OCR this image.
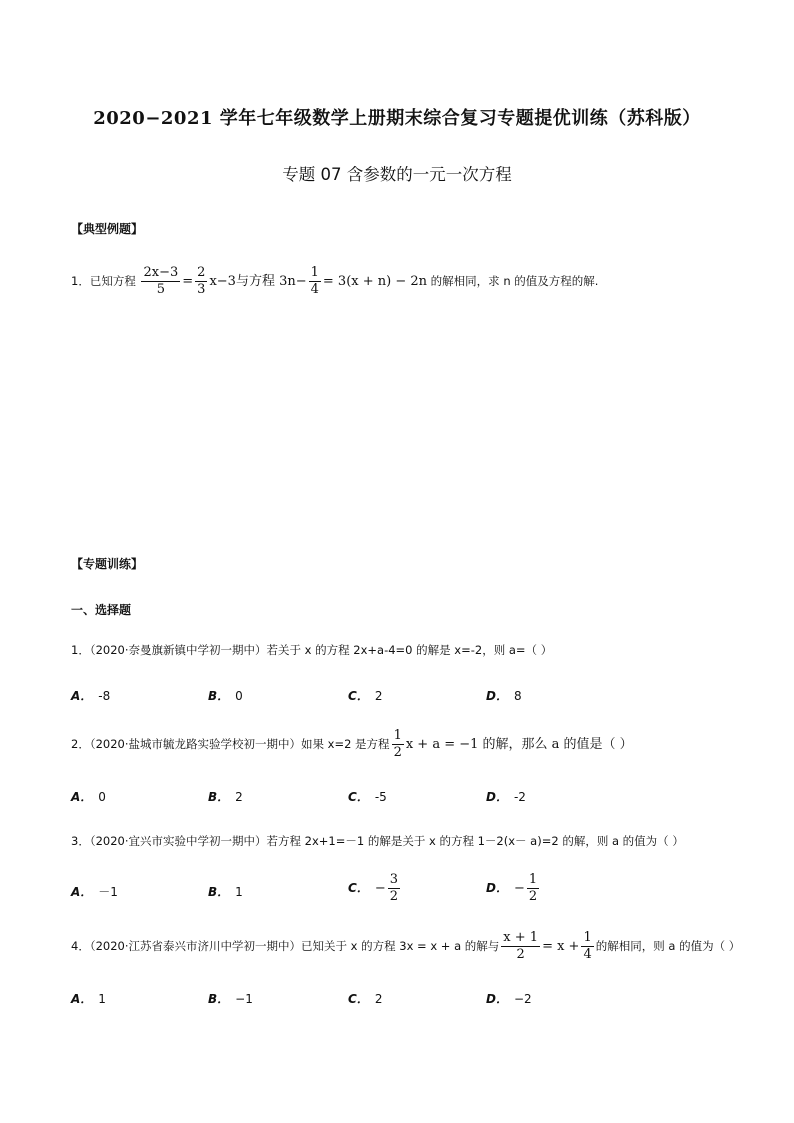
2020−2021 学年七年级数学上册期末综合复习专题提优训练（苏科版）
专题 07 含参数的一元一次方程
【典型例题】
1．已知方程 $\frac{2x-3}{5} = \frac{2}{3} x-3$与方程 $3n- \frac{1}{4} = 3(x + n) - 2n$ 的解相同，求 n 的值及方程的解.
【专题训练】
一、选择题
1．（2020·奈曼旗新镇中学初一期中）若关于 x 的方程 2x+a-4=0 的解是 x=-2，则 a=（ ）
A． -8	B． 0	C． 2	D． 8
2．（2020·盐城市毓龙路实验学校初一期中）如果 x=2 是方程 $\frac{1}{2}$ x + a = −1 的解，那么 a 的值是（ ）
A． 0	B． 2	C． -5	D． -2
3．（2020·宜兴市实验中学初一期中）若方程 2x+1=－1 的解是关于 x 的方程 1－2(x－ a)=2 的解，则 a 的值为（ ）
A． －1	B． 1	C． − $\frac{3}{2}$	D． − $\frac{1}{2}$
4．（2020·江苏省泰兴市济川中学初一期中）已知关于 x 的方程 3x = x + a 的解与 $\frac{x + 1}{2} = x + \frac{1}{4}$ 的解相同，则 a 的值为（ ）
A． 1	B． −1	C． 2	D． −2
